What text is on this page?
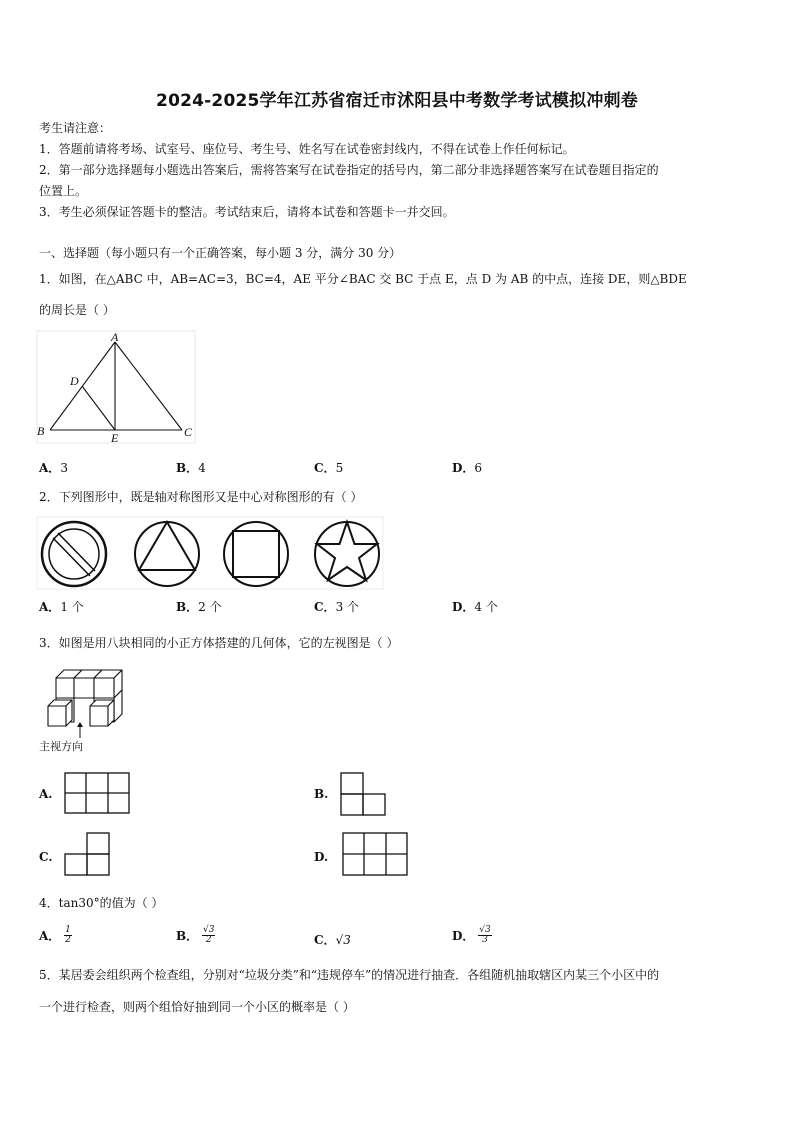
2024-2025学年江苏省宿迁市沭阳县中考数学考试模拟冲刺卷
考生请注意：
1．答题前请将考场、试室号、座位号、考生号、姓名写在试卷密封线内，不得在试卷上作任何标记。
2．第一部分选择题每小题选出答案后，需将答案写在试卷指定的括号内，第二部分非选择题答案写在试卷题目指定的
位置上。
3．考生必须保证答题卡的整洁。考试结束后，请将本试卷和答题卡一并交回。
一、选择题（每小题只有一个正确答案，每小题 3 分，满分 30 分）
1．如图，在△ABC 中，AB=AC=3，BC=4，AE 平分∠BAC 交 BC 于点 E，点 D 为 AB 的中点，连接 DE，则△BDE
的周长是（ ）
A
D
B	E	C
A．3	B．4	C．5	D．6
2．下列图形中，既是轴对称图形又是中心对称图形的有（ ）
A．1 个	B．2 个	C．3 个	D．4 个
3．如图是用八块相同的小正方体搭建的几何体，它的左视图是（ ）
主视方向
A.	B.
C.	D.
4．tan30°的值为（ ）
A． $\frac{1}{2}$	B． $\frac{√3}{2}$	C．√3	D． $\frac{√3}{3}$
5．某居委会组织两个检查组，分别对“垃圾分类”和“违规停车”的情况进行抽查．各组随机抽取辖区内某三个小区中的
一个进行检查，则两个组恰好抽到同一个小区的概率是（ ）
